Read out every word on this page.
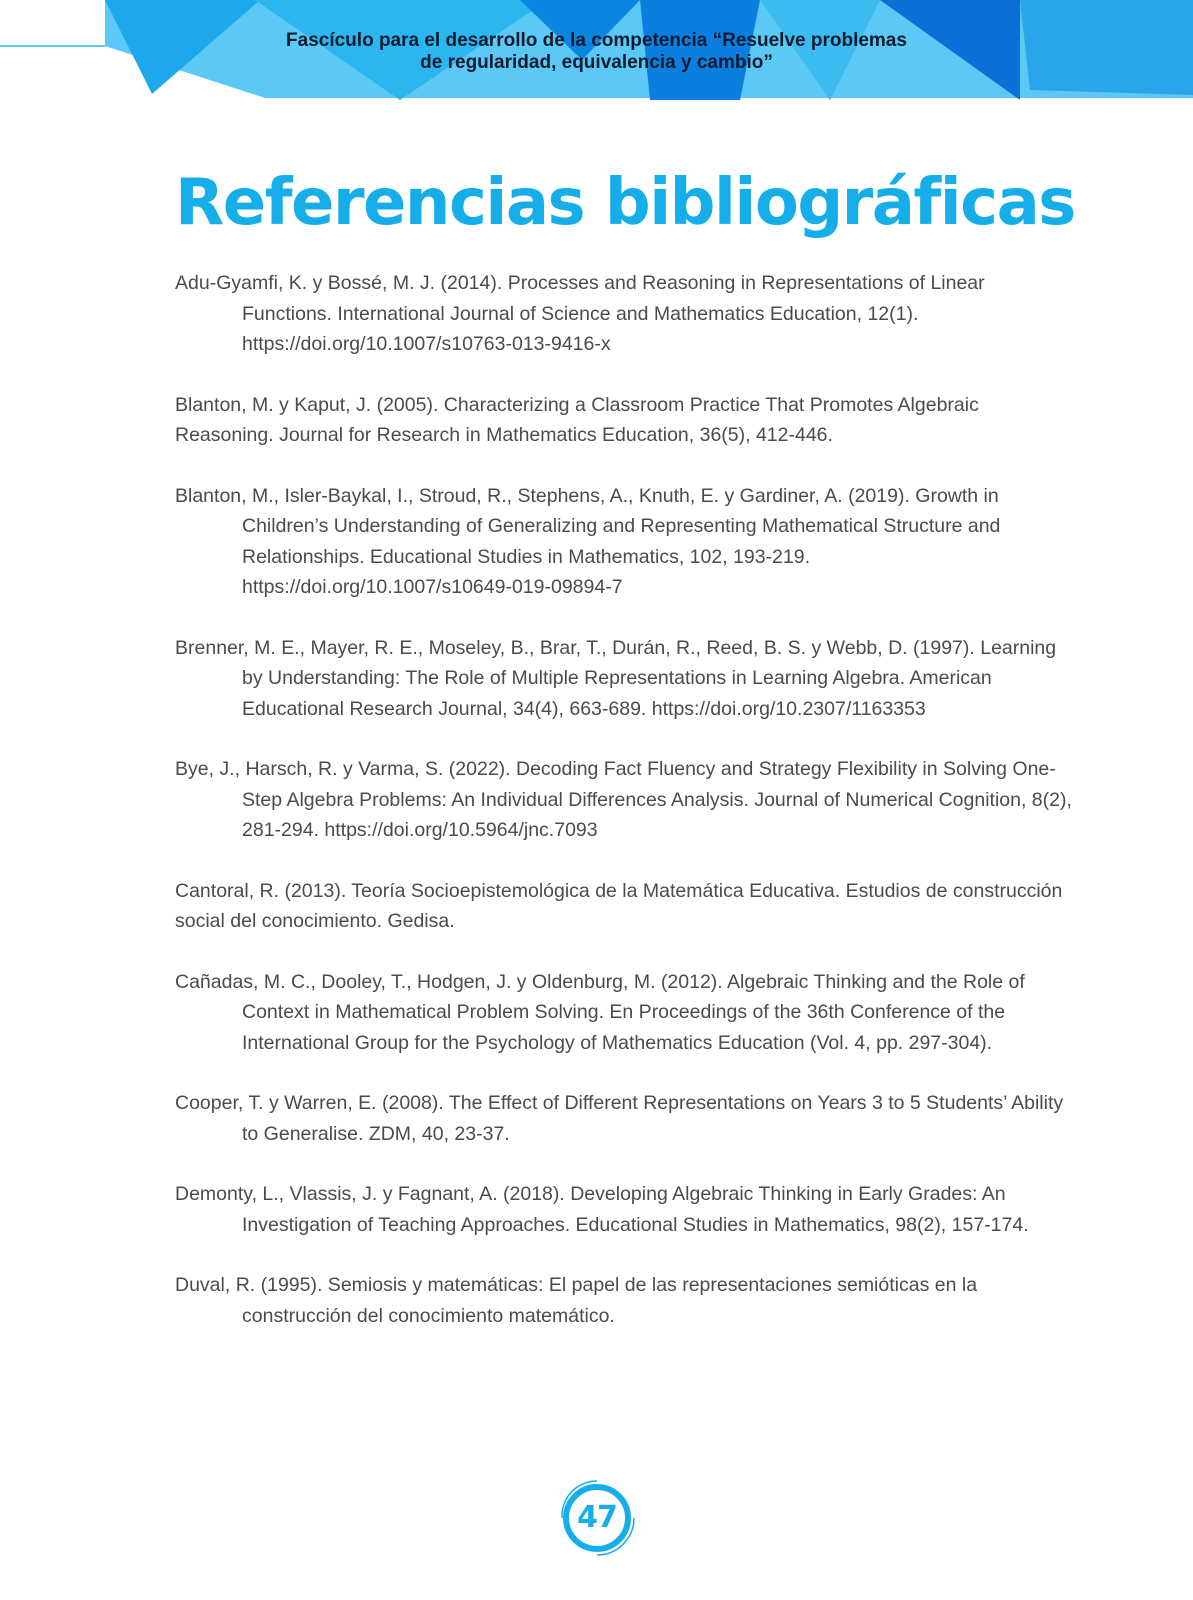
Fascículo para el desarrollo de la competencia “Resuelve problemas
de regularidad, equivalencia y cambio”
Referencias bibliográficas
Adu-Gyamfi, K. y Bossé, M. J. (2014). Processes and Reasoning in Representations of Linear Functions. International Journal of Science and Mathematics Education, 12(1). https://doi.org/10.1007/s10763-013-9416-x
Blanton, M. y Kaput, J. (2005). Characterizing a Classroom Practice That Promotes Algebraic Reasoning. Journal for Research in Mathematics Education, 36(5), 412-446.
Blanton, M., Isler-Baykal, I., Stroud, R., Stephens, A., Knuth, E. y Gardiner, A. (2019). Growth in Children’s Understanding of Generalizing and Representing Mathematical Structure and Relationships. Educational Studies in Mathematics, 102, 193-219. https://doi.org/10.1007/s10649-019-09894-7
Brenner, M. E., Mayer, R. E., Moseley, B., Brar, T., Durán, R., Reed, B. S. y Webb, D. (1997). Learning by Understanding: The Role of Multiple Representations in Learning Algebra. American Educational Research Journal, 34(4), 663-689. https://doi.org/10.2307/1163353
Bye, J., Harsch, R. y Varma, S. (2022). Decoding Fact Fluency and Strategy Flexibility in Solving One-Step Algebra Problems: An Individual Differences Analysis. Journal of Numerical Cognition, 8(2), 281-294. https://doi.org/10.5964/jnc.7093
Cantoral, R. (2013). Teoría Socioepistemológica de la Matemática Educativa. Estudios de construcción social del conocimiento. Gedisa.
Cañadas, M. C., Dooley, T., Hodgen, J. y Oldenburg, M. (2012). Algebraic Thinking and the Role of Context in Mathematical Problem Solving. En Proceedings of the 36th Conference of the International Group for the Psychology of Mathematics Education (Vol. 4, pp. 297-304).
Cooper, T. y Warren, E. (2008). The Effect of Different Representations on Years 3 to 5 Students’ Ability to Generalise. ZDM, 40, 23-37.
Demonty, L., Vlassis, J. y Fagnant, A. (2018). Developing Algebraic Thinking in Early Grades: An Investigation of Teaching Approaches. Educational Studies in Mathematics, 98(2), 157-174.
Duval, R. (1995). Semiosis y matemáticas: El papel de las representaciones semióticas en la construcción del conocimiento matemático.
47
